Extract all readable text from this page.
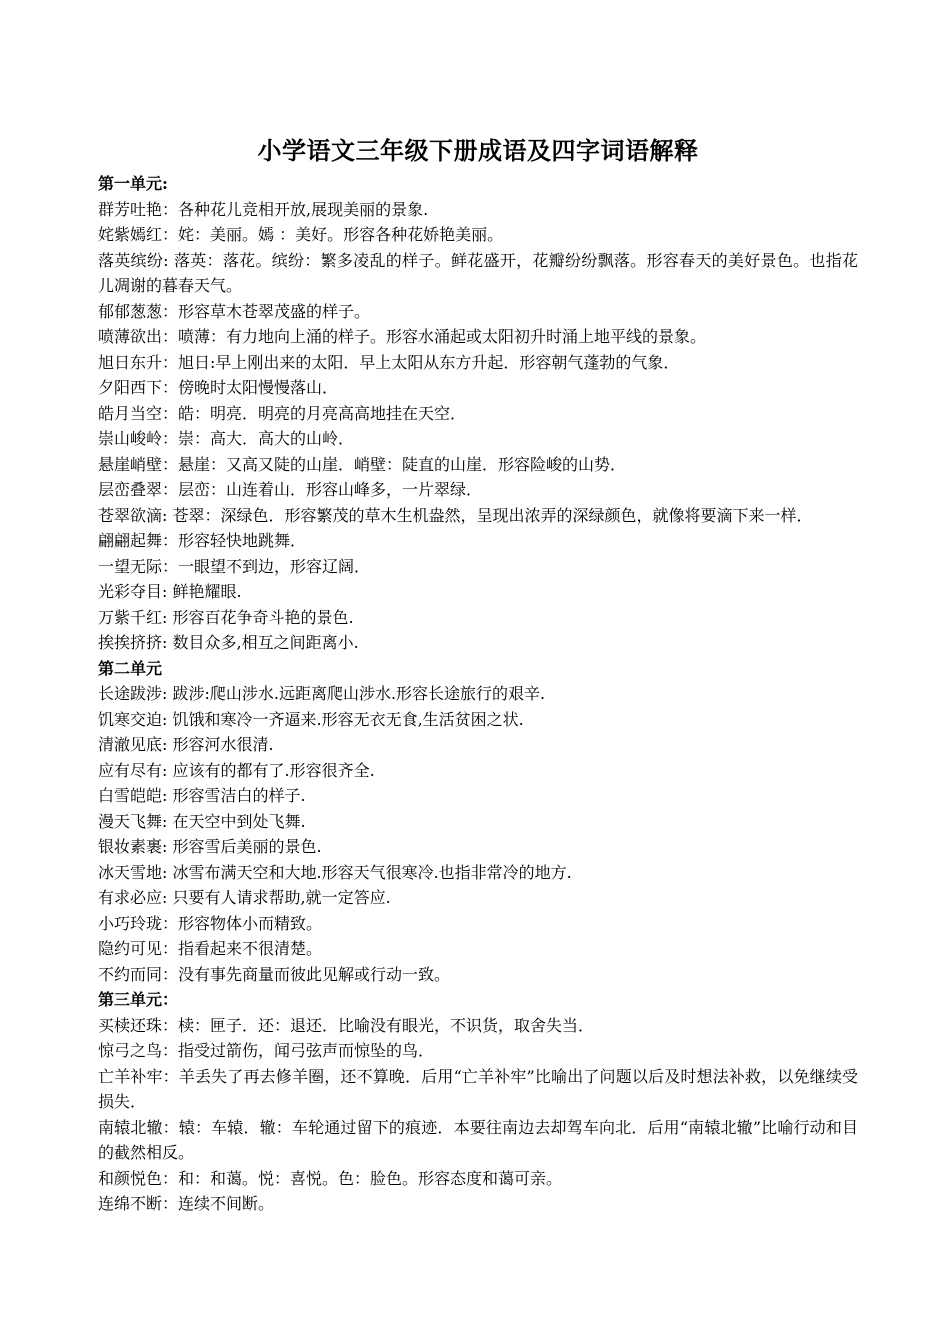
小学语文三年级下册成语及四字词语解释
第一单元:
群芳吐艳：各种花儿竞相开放,展现美丽的景象.
姹紫嫣红：姹：美丽。嫣 ：美好。形容各种花娇艳美丽。
落英缤纷: 落英：落花。缤纷：繁多凌乱的样子。鲜花盛开，花瓣纷纷飘落。形容春天的美好景色。也指花儿凋谢的暮春天气。
郁郁葱葱：形容草木苍翠茂盛的样子。
喷薄欲出：喷薄：有力地向上涌的样子。形容水涌起或太阳初升时涌上地平线的景象。
旭日东升：旭日:早上刚出来的太阳．早上太阳从东方升起．形容朝气蓬勃的气象．
夕阳西下：傍晚时太阳慢慢落山．
皓月当空：皓：明亮．明亮的月亮高高地挂在天空．
崇山峻岭：崇：高大．高大的山岭．
悬崖峭壁：悬崖：又高又陡的山崖．峭壁：陡直的山崖．形容险峻的山势．
层峦叠翠：层峦：山连着山．形容山峰多，一片翠绿．
苍翠欲滴: 苍翠：深绿色．形容繁茂的草木生机盎然，呈现出浓弄的深绿颜色，就像将要滴下来一样．
翩翩起舞：形容轻快地跳舞．
一望无际：一眼望不到边，形容辽阔．
光彩夺目: 鲜艳耀眼.
万紫千红: 形容百花争奇斗艳的景色.
挨挨挤挤: 数目众多,相互之间距离小.
第二单元
长途跋涉: 跋涉:爬山涉水.远距离爬山涉水.形容长途旅行的艰辛.
饥寒交迫: 饥饿和寒冷一齐逼来.形容无衣无食,生活贫困之状.
清澈见底: 形容河水很清.
应有尽有: 应该有的都有了.形容很齐全.
白雪皑皑: 形容雪洁白的样子.
漫天飞舞: 在天空中到处飞舞.
银妆素裹: 形容雪后美丽的景色.
冰天雪地: 冰雪布满天空和大地.形容天气很寒冷.也指非常冷的地方.
有求必应: 只要有人请求帮助,就一定答应.
小巧玲珑：形容物体小而精致。
隐约可见：指看起来不很清楚。
不约而同：没有事先商量而彼此见解或行动一致。
第三单元：
买椟还珠：椟：匣子．还：退还．比喻没有眼光，不识货，取舍失当．
惊弓之鸟：指受过箭伤，闻弓弦声而惊坠的鸟．
亡羊补牢：羊丢失了再去修羊圈，还不算晚．后用“亡羊补牢”比喻出了问题以后及时想法补救，以免继续受损失．
南辕北辙：辕：车辕．辙：车轮通过留下的痕迹．本要往南边去却驾车向北．后用“南辕北辙”比喻行动和目的截然相反。
和颜悦色：和：和蔼。悦：喜悦。色：脸色。形容态度和蔼可亲。
连绵不断：连续不间断。
